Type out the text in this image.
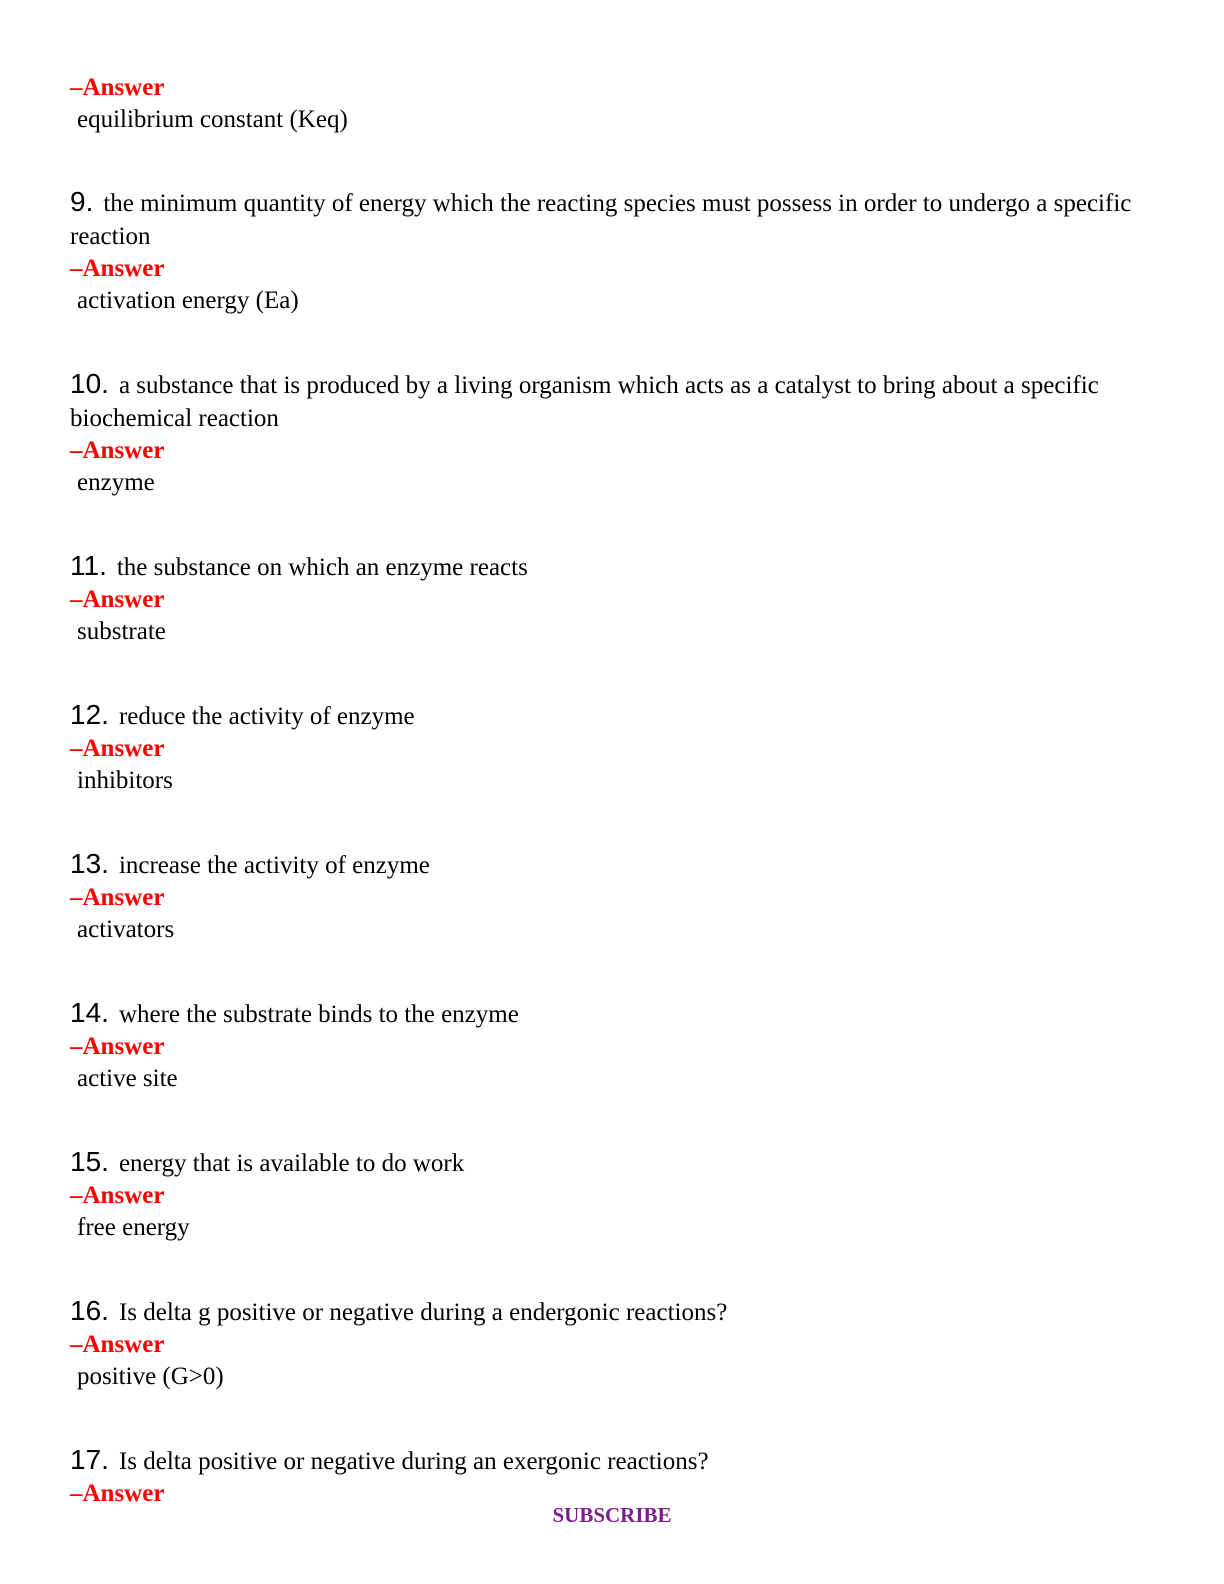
–Answer
equilibrium constant (Keq)
9. the minimum quantity of energy which the reacting species must possess in order to undergo a specific reaction
–Answer
activation energy (Ea)
10. a substance that is produced by a living organism which acts as a catalyst to bring about a specific biochemical reaction
–Answer
enzyme
11. the substance on which an enzyme reacts
–Answer
substrate
12. reduce the activity of enzyme
–Answer
inhibitors
13. increase the activity of enzyme
–Answer
activators
14. where the substrate binds to the enzyme
–Answer
active site
15. energy that is available to do work
–Answer
free energy
16. Is delta g positive or negative during a endergonic reactions?
–Answer
positive (G>0)
17. Is delta positive or negative during an exergonic reactions?
–Answer
SUBSCRIBE
